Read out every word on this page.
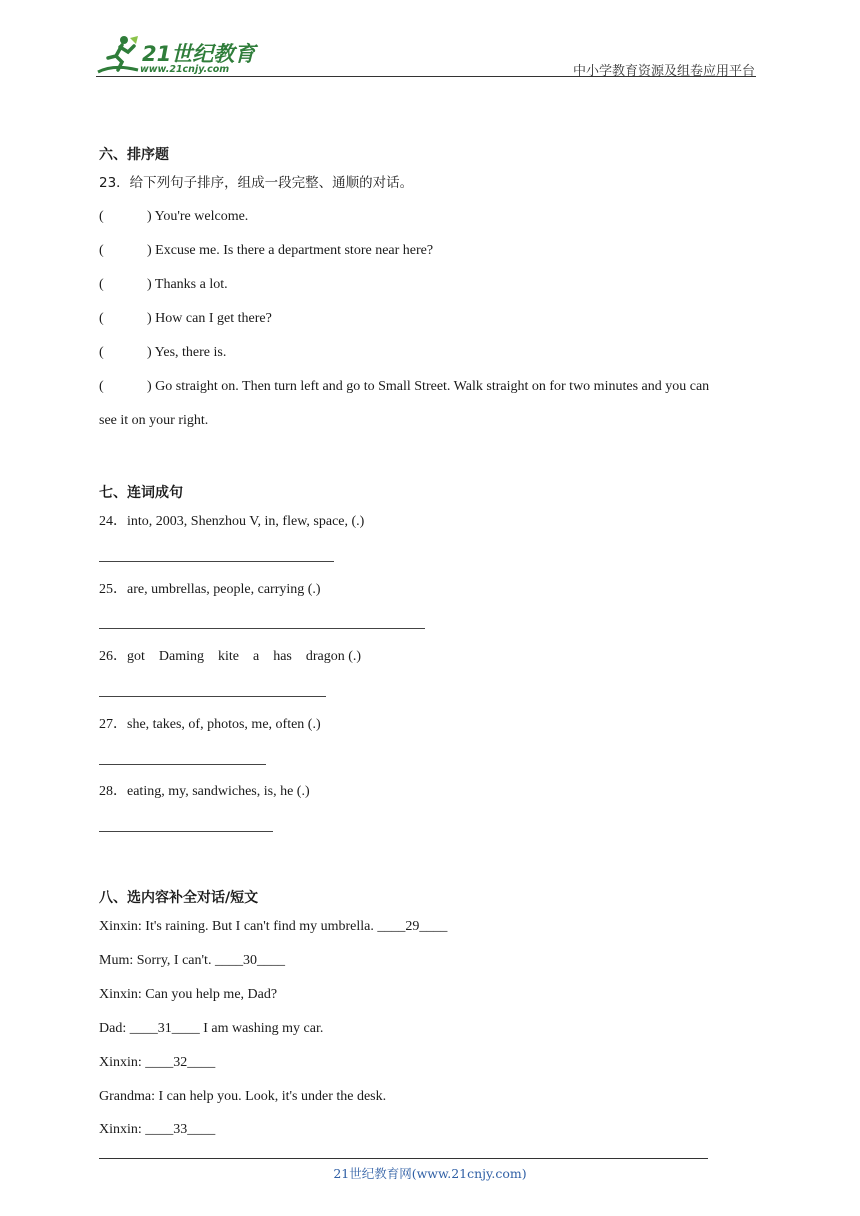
21世纪教育
www.21cnjy.com	中小学教育资源及组卷应用平台
六、排序题
23．给下列句子排序，组成一段完整、通顺的对话。
(	) You're welcome.
(	) Excuse me. Is there a department store near here?
(	) Thanks a lot.
(	) How can I get there?
(	) Yes, there is.
(	) Go straight on. Then turn left and go to Small Street. Walk straight on for two minutes and you can
see it on your right.
七、连词成句
24．into, 2003, Shenzhou V, in, flew, space, (.)
25．are, umbrellas, people, carrying (.)
26．got    Daming    kite    a    has    dragon (.)
27．she, takes, of, photos, me, often (.)
28．eating, my, sandwiches, is, he (.)
八、选内容补全对话/短文
Xinxin: It's raining. But I can't find my umbrella. ____29____
Mum: Sorry, I can't. ____30____
Xinxin: Can you help me, Dad?
Dad: ____31____ I am washing my car.
Xinxin: ____32____
Grandma: I can help you. Look, it's under the desk.
Xinxin: ____33____
21世纪教育网(www.21cnjy.com)
